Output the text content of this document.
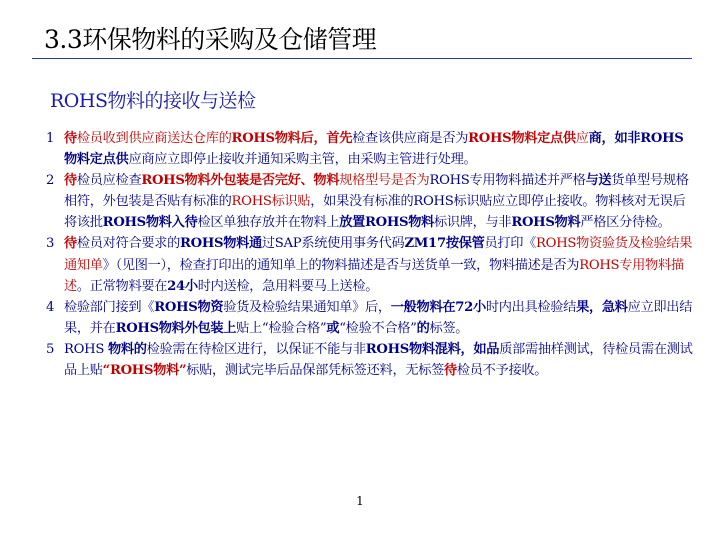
3.3环保物料的采购及仓储管理
ROHS物料的接收与送检
1 待检员收到供应商送达仓库的ROHS物料后，首先检查该供应商是否为ROHS物料定点供应商，如非ROHS物料定点供应商应立即停止接收并通知采购主管，由采购主管进行处理。
2 待检员应检查ROHS物料外包装是否完好、物料规格型号是否为ROHS专用物料描述并严格与送货单型号规格相符，外包装是否贴有标准的ROHS标识贴，如果没有标准的ROHS标识贴应立即停止接收。物料核对无误后将该批ROHS物料入待检区单独存放并在物料上放置ROHS物料标识牌，与非ROHS物料严格区分待检。
3 待检员对符合要求的ROHS物料通过SAP系统使用事务代码ZM17按保管员打印《ROHS物资验货及检验结果通知单》（见图一），检查打印出的通知单上的物料描述是否与送货单一致，物料描述是否为ROHS专用物料描述。正常物料要在24小时内送检，急用料要马上送检。
4 检验部门接到《ROHS物资验货及检验结果通知单》后，一般物料在72小时内出具检验结果，急料应立即出结果，并在ROHS物料外包装上贴上“检验合格”或“检验不合格”的标签。
5 ROHS 物料的检验需在待检区进行，以保证不能与非ROHS物料混料，如品质部需抽样测试，待检员需在测试品上贴“ROHS物料”标贴，测试完毕后品保部凭标签还料，无标签待检员不予接收。
1
